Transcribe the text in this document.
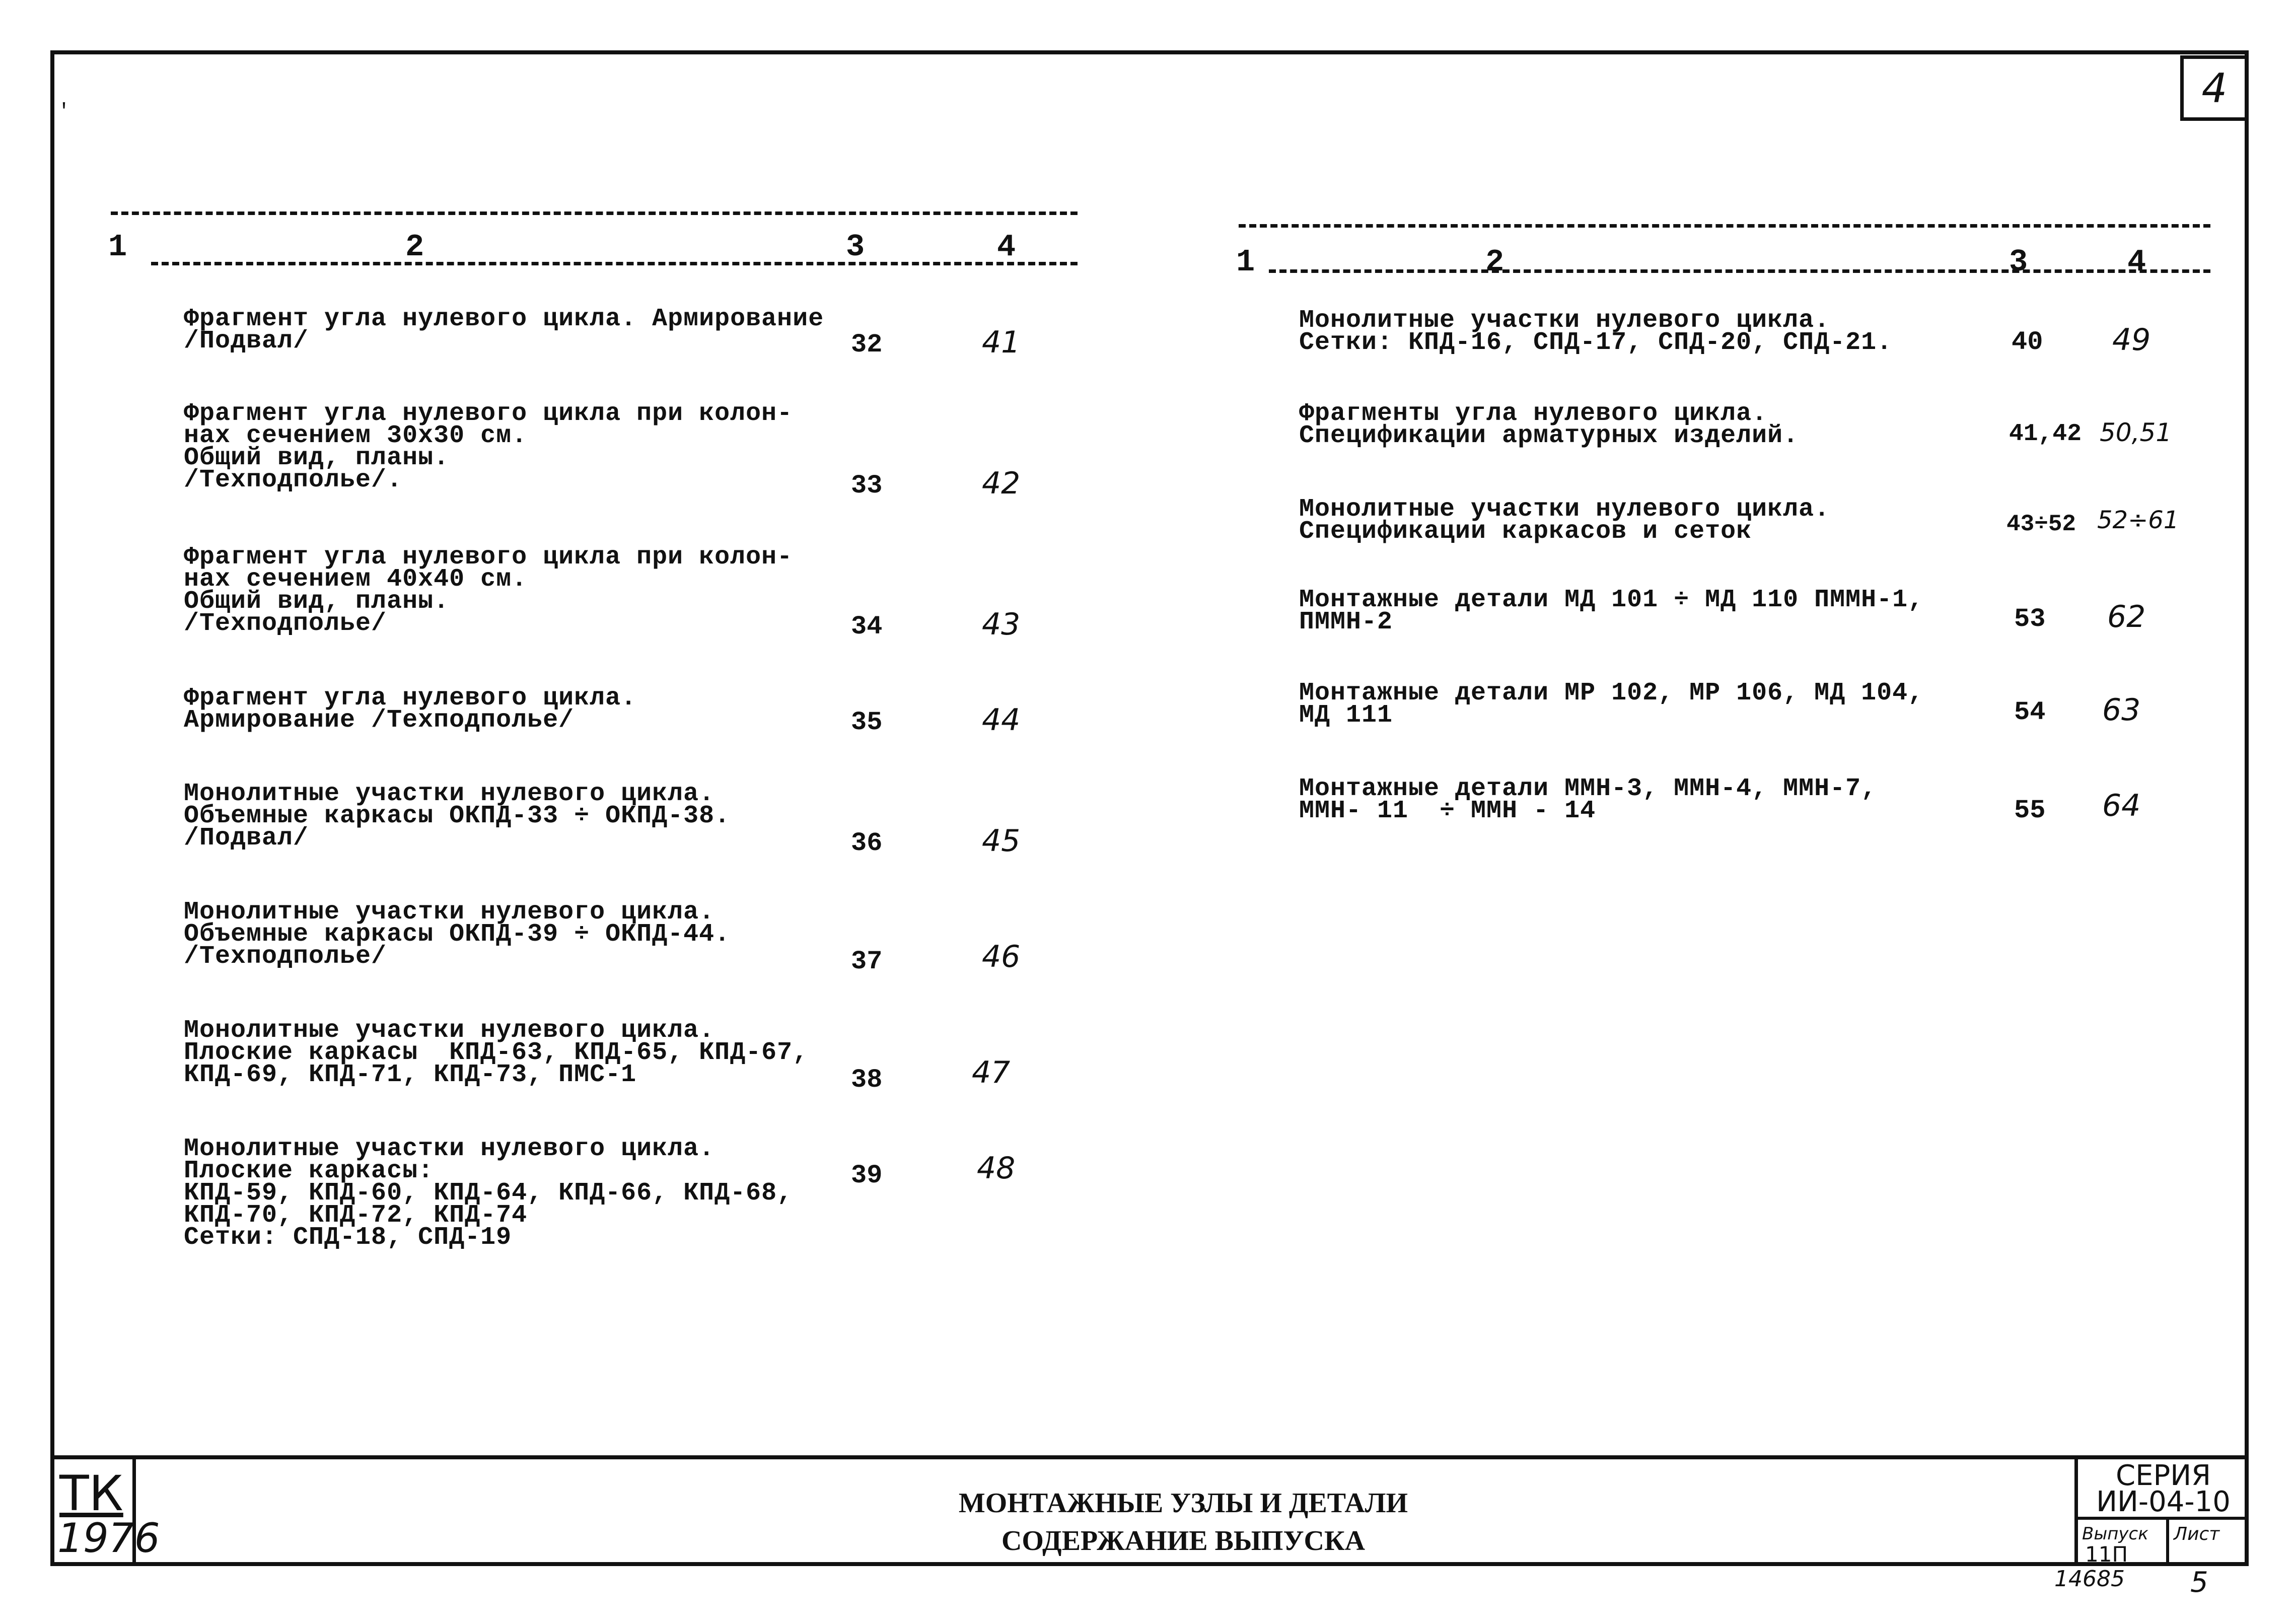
4
'
1	2	3	4
Фрагмент угла нулевого цикла. Армирование
/Подвал/	32	41
Фрагмент угла нулевого цикла при колон-
нах сечением 30х30 см.
Общий вид, планы.
/Техподполье/.	33	42
Фрагмент угла нулевого цикла при колон-
нах сечением 40х40 см.
Общий вид, планы.
/Техподполье/	34	43
Фрагмент угла нулевого цикла.
Армирование /Техподполье/	35	44
Монолитные участки нулевого цикла.
Объемные каркасы ОКПД-33 ÷ ОКПД-38.
/Подвал/	36	45
Монолитные участки нулевого цикла.
Объемные каркасы ОКПД-39 ÷ ОКПД-44.
/Техподполье/	37	46
Монолитные участки нулевого цикла.
Плоские каркасы  КПД-63, КПД-65, КПД-67,
КПД-69, КПД-71, КПД-73, ПМС-1	38	47
Монолитные участки нулевого цикла.
Плоские каркасы:
КПД-59, КПД-60, КПД-64, КПД-66, КПД-68,
КПД-70, КПД-72, КПД-74
Сетки: СПД-18, СПД-19
39	48
1	2	3	4
Монолитные участки нулевого цикла.
Сетки: КПД-16, СПД-17, СПД-20, СПД-21.	40 49
Фрагменты угла нулевого цикла.
Спецификации арматурных изделий.	41,42 50,51
Монолитные участки нулевого цикла.
Спецификации каркасов и сеток	43÷52 52÷61
Монтажные детали МД 101 ÷ МД 110 ПММН-1,
ПММН-2	53 62
Монтажные детали МР 102, МР 106, МД 104,
МД 111	54 63
Монтажные детали ММН-3, ММН-4, ММН-7,
ММН- 11  ÷ ММН - 14	55 64
ТК
1976
МОНТАЖНЫЕ УЗЛЫ И ДЕТАЛИ
СОДЕРЖАНИЕ ВЫПУСКА
СЕРИЯ
ИИ-04-10
Выпуск
11П
Лист
14685 5
